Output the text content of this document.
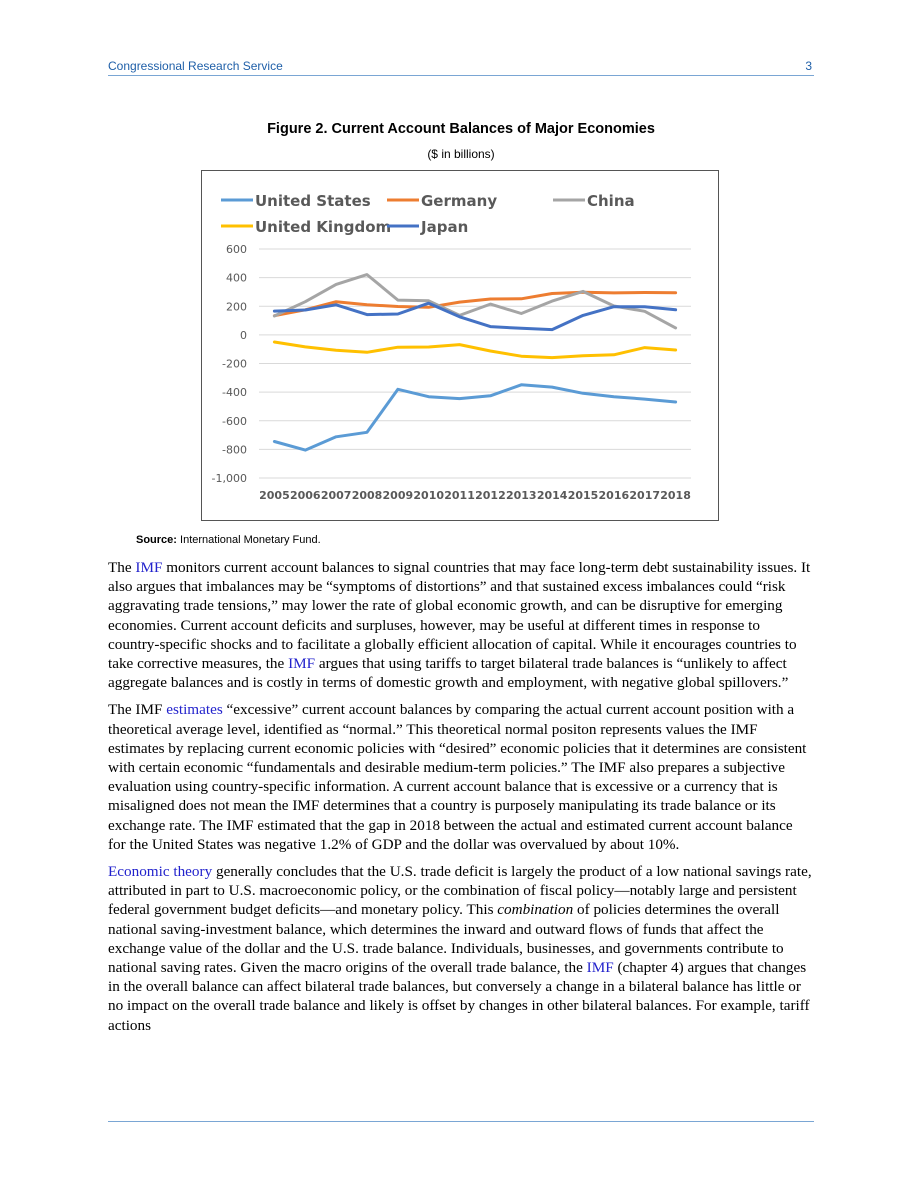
Congressional Research Service	3
Figure 2. Current Account Balances of Major Economies
($ in billions)
600
400
200
0
-200
-400
-600
-800
-1,000
2005 2006 2007 2008 2009 2010 2011 2012 2013 2014 2015 2016 2017 2018
United States	Germany	China
United Kingdom Japan
Source: International Monetary Fund.

The IMF monitors current account balances to signal countries that may face long-term debt sustainability issues. It also argues that imbalances may be “symptoms of distortions” and that sustained excess imbalances could “risk aggravating trade tensions,” may lower the rate of global economic growth, and can be disruptive for emerging economies. Current account deficits and surpluses, however, may be useful at different times in response to country-specific shocks and to facilitate a globally efficient allocation of capital. While it encourages countries to take corrective measures, the IMF argues that using tariffs to target bilateral trade balances is “unlikely to affect aggregate balances and is costly in terms of domestic growth and employment, with negative global spillovers.”

The IMF estimates “excessive” current account balances by comparing the actual current account position with a theoretical average level, identified as “normal.” This theoretical normal positon represents values the IMF estimates by replacing current economic policies with “desired” economic policies that it determines are consistent with certain economic “fundamentals and desirable medium-term policies.” The IMF also prepares a subjective evaluation using country-specific information. A current account balance that is excessive or a currency that is misaligned does not mean the IMF determines that a country is purposely manipulating its trade balance or its exchange rate. The IMF estimated that the gap in 2018 between the actual and estimated current account balance for the United States was negative 1.2% of GDP and the dollar was overvalued by about 10%.

Economic theory generally concludes that the U.S. trade deficit is largely the product of a low national savings rate, attributed in part to U.S. macroeconomic policy, or the combination of fiscal policy—notably large and persistent federal government budget deficits—and monetary policy. This combination of policies determines the overall national saving-investment balance, which determines the inward and outward flows of funds that affect the exchange value of the dollar and the U.S. trade balance. Individuals, businesses, and governments contribute to national saving rates. Given the macro origins of the overall trade balance, the IMF (chapter 4) argues that changes in the overall balance can affect bilateral trade balances, but conversely a change in a bilateral balance has little or no impact on the overall trade balance and likely is offset by changes in other bilateral balances. For example, tariff actions
